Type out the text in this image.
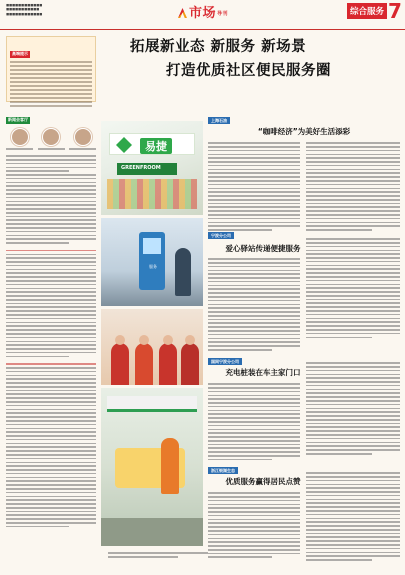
■■■■■■■■■■■■
■■■■■■■■■■■
■■■■■■■■■■■■	市场导刊	综合服务 7
高端提示
新闻会客厅
拓展新业态 新服务 新场景
打造优质社区便民服务圈
易捷
GREENFROOM
服务
上海石油
“咖啡经济”为美好生活添彩
宁波分公司
爱心驿站传递便捷服务
国网宁波分公司
充电桩装在车主家门口
浙江银湖生态
优质服务赢得居民点赞
